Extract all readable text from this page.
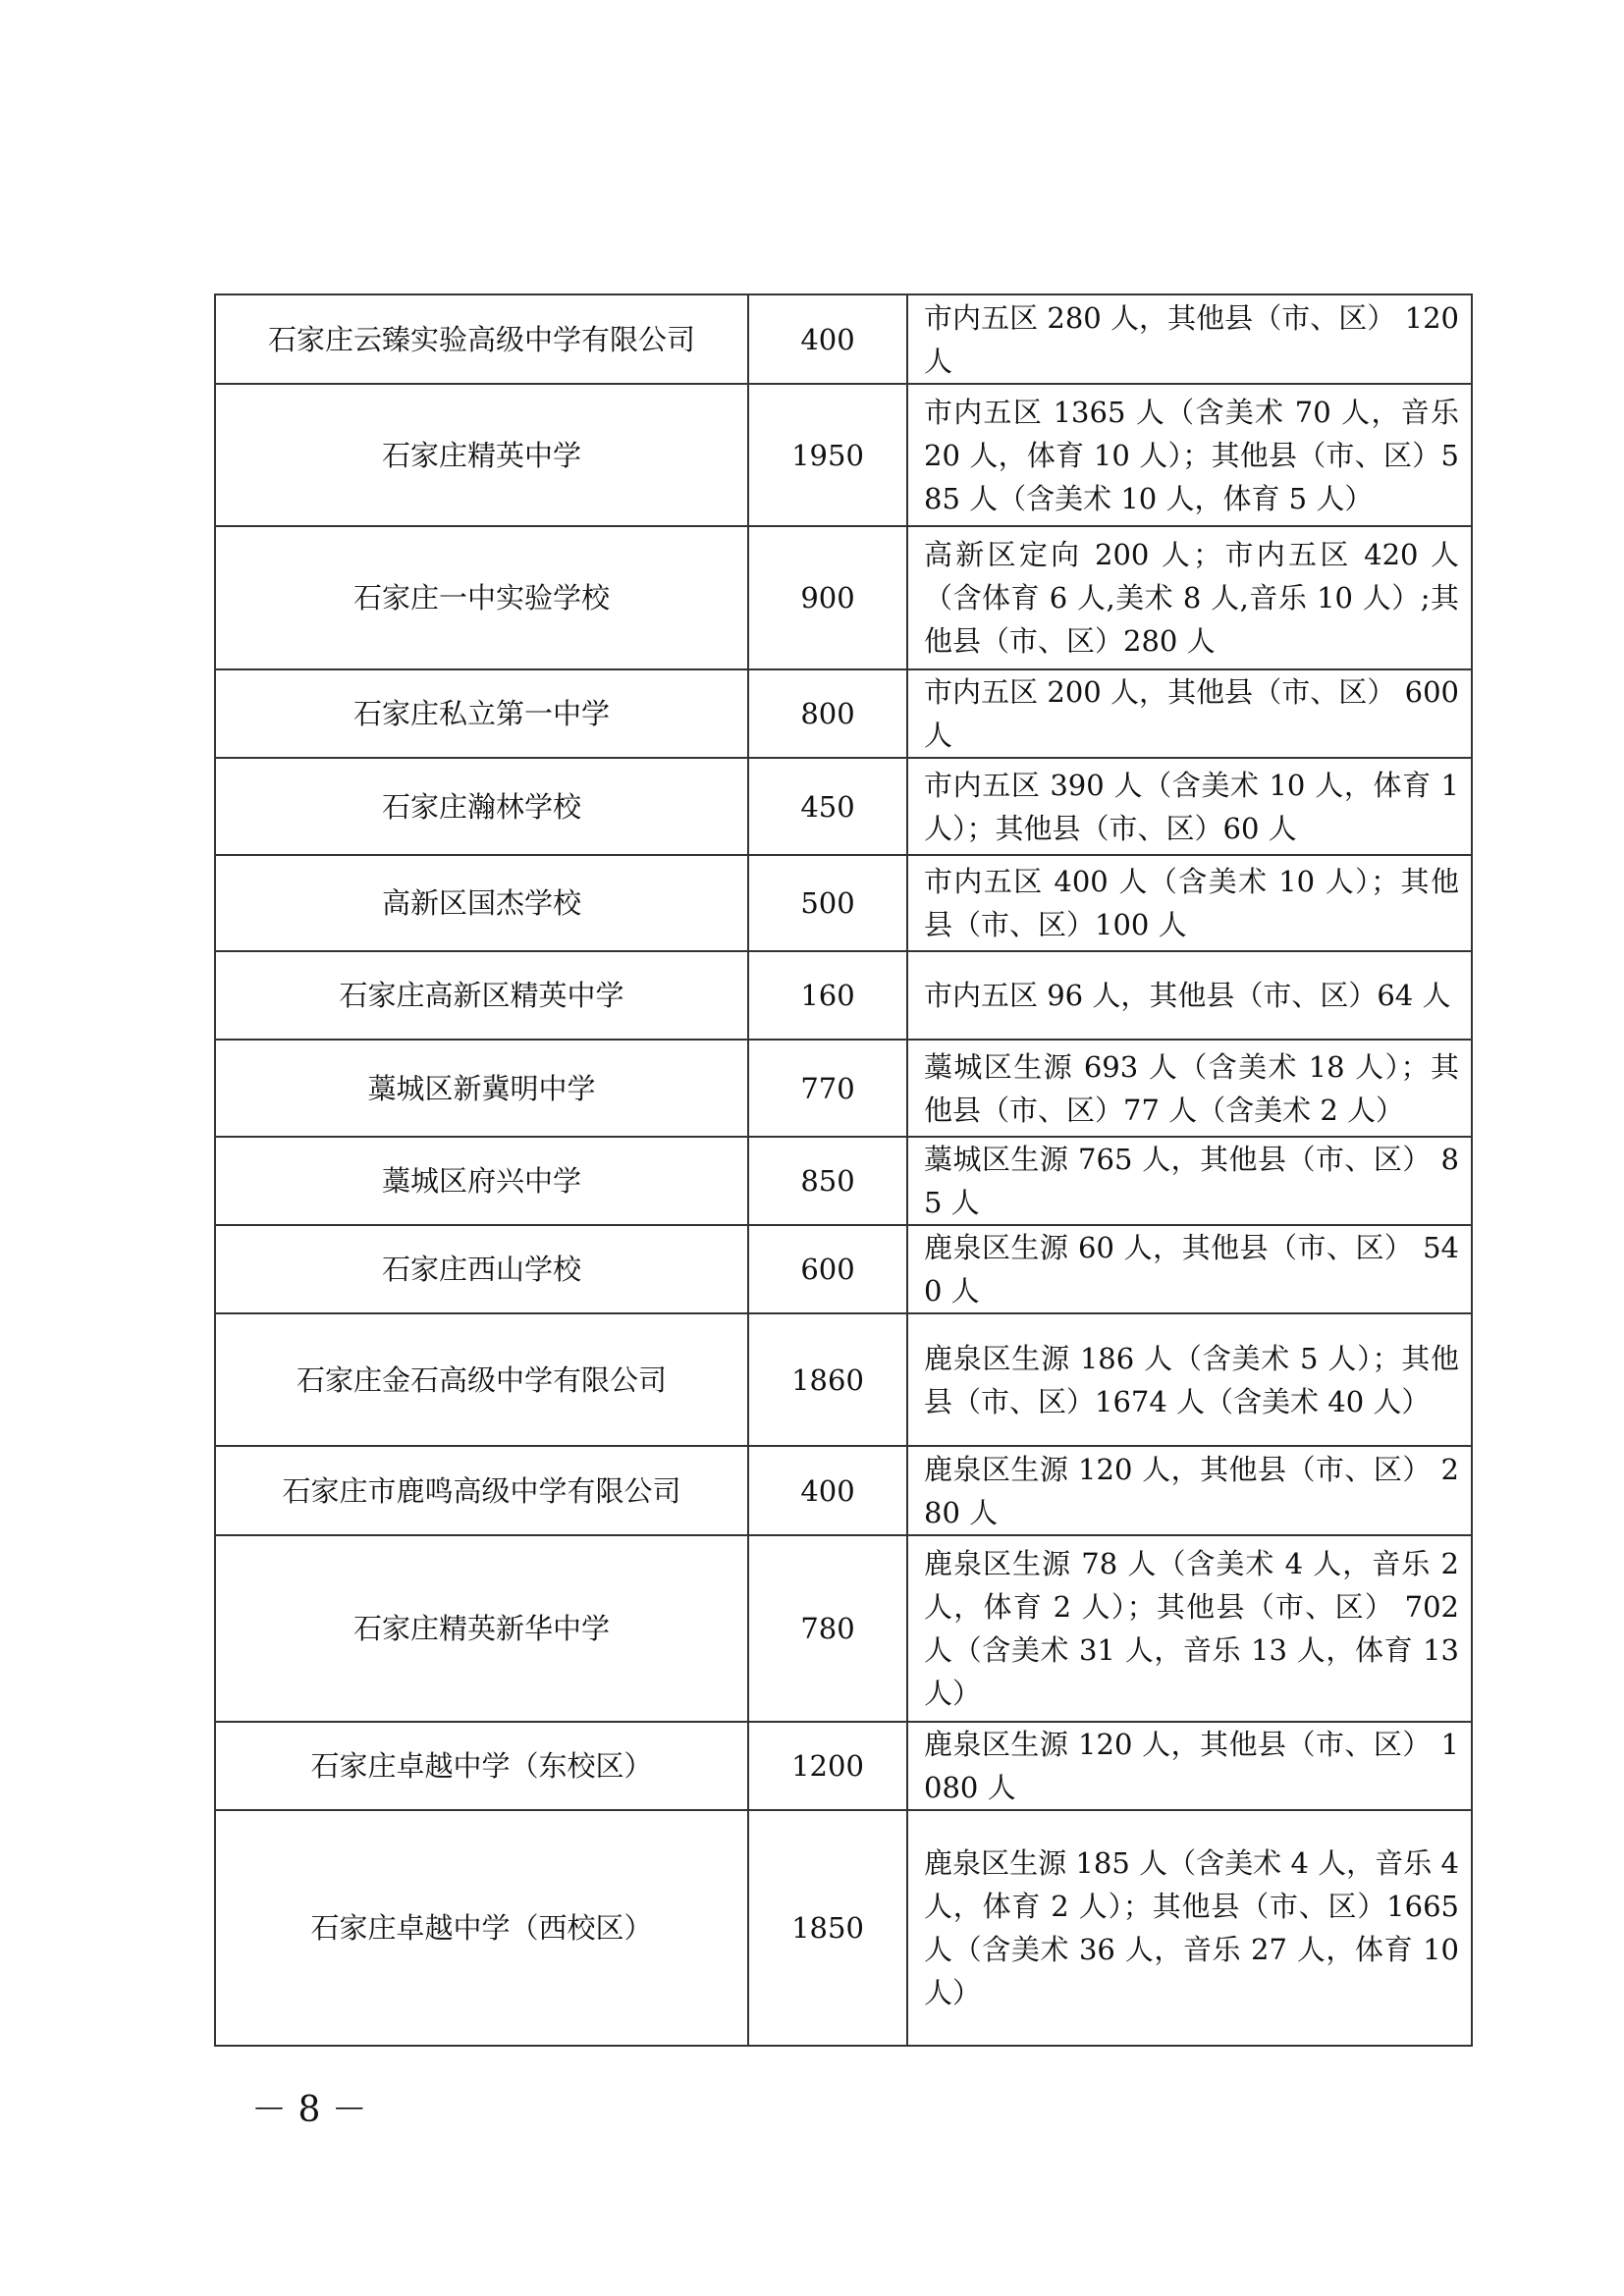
石家庄云臻实验高级中学有限公司	400	市内五区 280 人，其他县（市、区） 120 人
石家庄精英中学	1950	市内五区 1365 人（含美术 70 人，音乐 20 人，体育 10 人）；其他县（市、区）585 人（含美术 10 人，体育 5 人）
石家庄一中实验学校	900	高新区定向 200 人；市内五区 420 人（含体育 6 人,美术 8 人,音乐 10 人）;其他县（市、区）280 人
石家庄私立第一中学	800	市内五区 200 人，其他县（市、区） 600 人
石家庄瀚林学校	450	市内五区 390 人（含美术 10 人，体育 1 人）；其他县（市、区）60 人
高新区国杰学校	500	市内五区 400 人（含美术 10 人）；其他县（市、区）100 人
石家庄高新区精英中学	160	市内五区 96 人，其他县（市、区）64 人
藁城区新冀明中学	770	藁城区生源 693 人（含美术 18 人）；其他县（市、区）77 人（含美术 2 人）
藁城区府兴中学	850	藁城区生源 765 人，其他县（市、区） 85 人
石家庄西山学校	600	鹿泉区生源 60 人，其他县（市、区） 540 人
石家庄金石高级中学有限公司	1860	鹿泉区生源 186 人（含美术 5 人）；其他县（市、区）1674 人（含美术 40 人）
石家庄市鹿鸣高级中学有限公司	400	鹿泉区生源 120 人，其他县（市、区） 280 人
石家庄精英新华中学	780	鹿泉区生源 78 人（含美术 4 人，音乐 2 人，体育 2 人）；其他县（市、区） 702 人（含美术 31 人，音乐 13 人，体育 13 人）
石家庄卓越中学（东校区）	1200	鹿泉区生源 120 人，其他县（市、区） 1080 人
石家庄卓越中学（西校区）	1850	鹿泉区生源 185 人（含美术 4 人，音乐 4 人，体育 2 人）；其他县（市、区）1665 人（含美术 36 人，音乐 27 人，体育 10 人）
－ 8 －
